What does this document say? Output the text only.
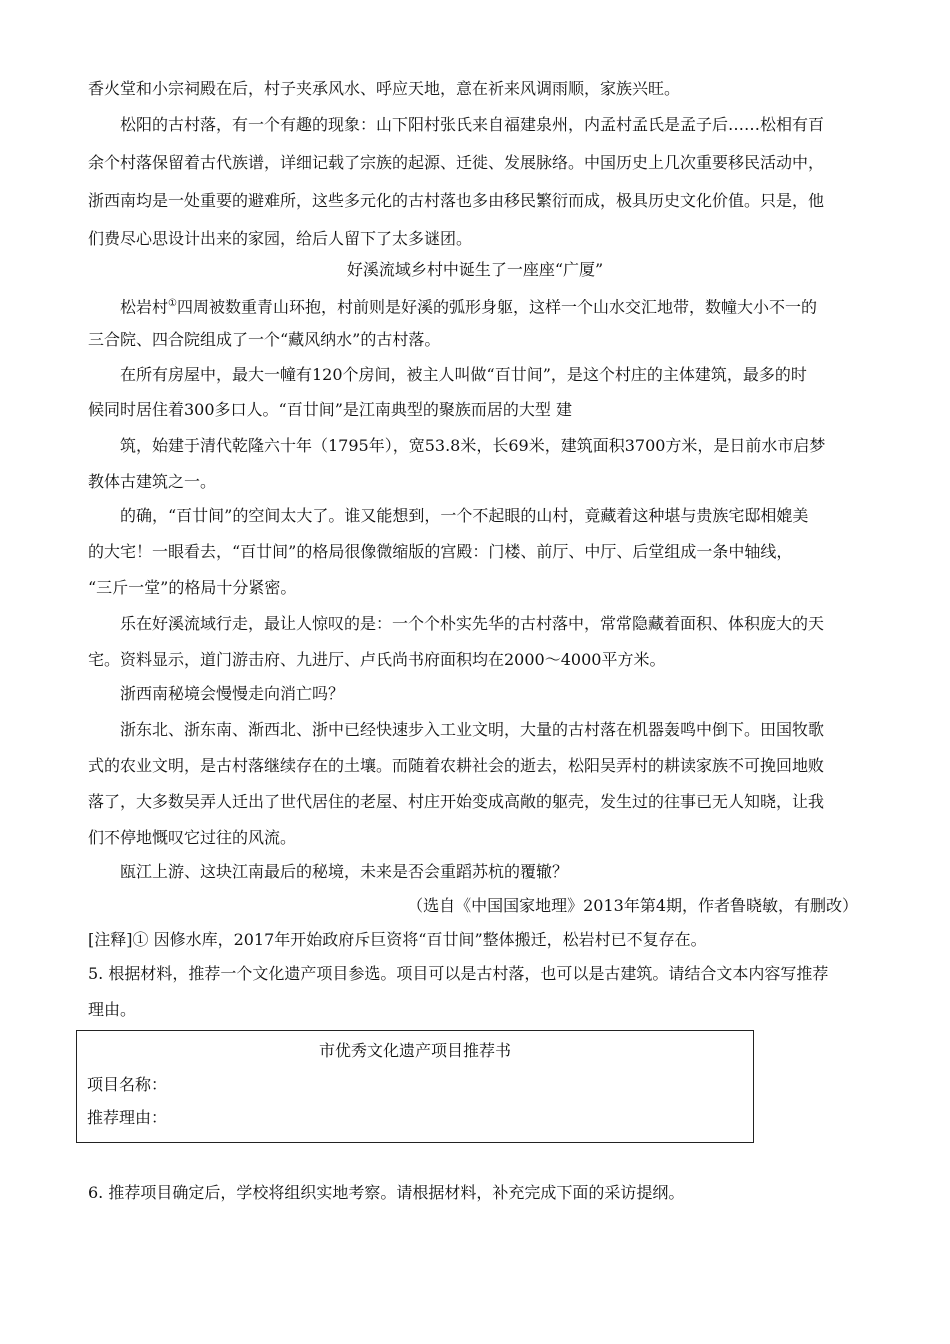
香火堂和小宗祠殿在后，村子夹承风水、呼应天地，意在祈来风调雨顺，家族兴旺。
松阳的古村落，有一个有趣的现象：山下阳村张氏来自福建泉州，内孟村孟氏是孟子后……松相有百
余个村落保留着古代族谱，详细记载了宗族的起源、迁徙、发展脉络。中国历史上几次重要移民活动中，
浙西南均是一处重要的避难所，这些多元化的古村落也多由移民繁衍而成，极具历史文化价值。只是，他
们费尽心思设计出来的家园，给后人留下了太多谜团。
好溪流域乡村中诞生了一座座“广厦”
松岩村①四周被数重青山环抱，村前则是好溪的弧形身躯，这样一个山水交汇地带，数幢大小不一的
三合院、四合院组成了一个“藏风纳水”的古村落。
在所有房屋中，最大一幢有120个房间，被主人叫做“百廿间”，是这个村庄的主体建筑，最多的时
候同时居住着300多口人。“百廿间”是江南典型的聚族而居的大型 建
筑，始建于清代乾隆六十年（1795年），宽53.8米，长69米，建筑面积3700方米，是日前水市启梦
教体古建筑之一。
的确，“百廿间”的空间太大了。谁又能想到，一个不起眼的山村，竟藏着这种堪与贵族宅邸相媲美
的大宅！一眼看去，“百廿间”的格局很像微缩版的宫殿：门楼、前厅、中厅、后堂组成一条中轴线，
“三斤一堂”的格局十分紧密。
乐在好溪流域行走，最让人惊叹的是：一个个朴实先华的古村落中，常常隐藏着面积、体积庞大的天
宅。资料显示，道门游击府、九进厅、卢氏尚书府面积均在2000～4000平方米。
浙西南秘境会慢慢走向消亡吗？
浙东北、浙东南、渐西北、浙中已经快速步入工业文明，大量的古村落在机器轰鸣中倒下。田国牧歌
式的农业文明，是古村落继续存在的土壤。而随着农耕社会的逝去，松阳吴弄村的耕读家族不可挽回地败
落了，大多数吴弄人迁出了世代居住的老屋、村庄开始变成高敞的躯壳，发生过的往事已无人知晓，让我
们不停地慨叹它过往的风流。
瓯江上游、这块江南最后的秘境，未来是否会重蹈苏杭的覆辙？
（选自《中国国家地理》2013年第4期，作者鲁晓敏，有删改）
[注释]① 因修水库，2017年开始政府斥巨资将“百廿间”整体搬迁，松岩村已不复存在。
5. 根据材料，推荐一个文化遗产项目参选。项目可以是古村落，也可以是古建筑。请结合文本内容写推荐
理由。
市优秀文化遗产项目推荐书
项目名称：
推荐理由：
6. 推荐项目确定后，学校将组织实地考察。请根据材料，补充完成下面的采访提纲。
